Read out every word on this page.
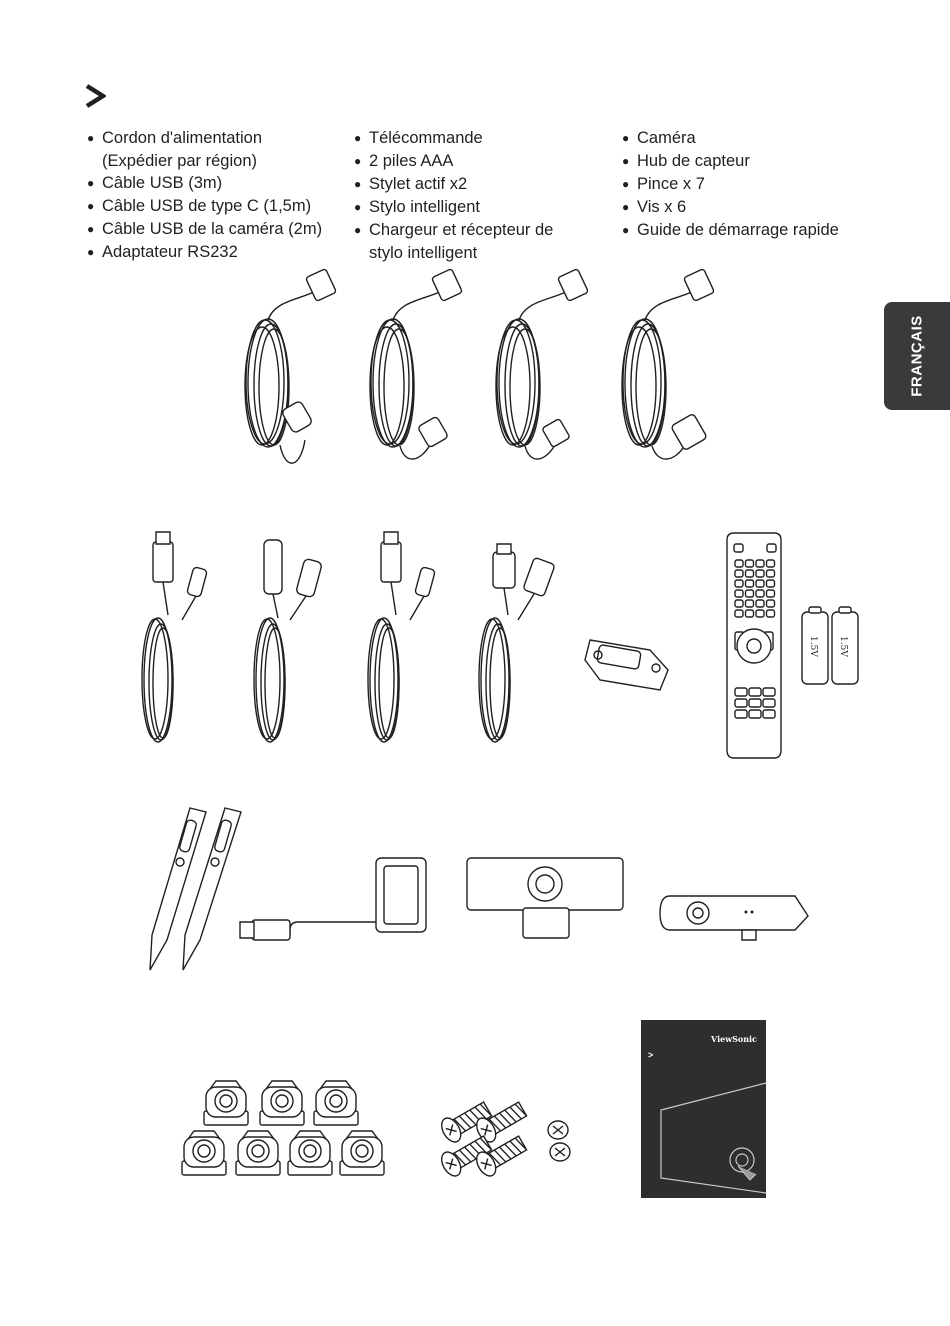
● Cordon d'alimentation
(Expédier par région)
● Câble USB (3m)
● Câble USB de type C (1,5m)
● Câble USB de la caméra (2m)
● Adaptateur RS232
● Télécommande
● 2 piles AAA
● Stylet actif x2
● Stylo intelligent
● Chargeur et récepteur de
stylo intelligent
● Caméra
● Hub de capteur
● Pince x 7
● Vis x 6
● Guide de démarrage rapide
FRANÇAIS
1.5V 1.5V
ViewSonic
>
